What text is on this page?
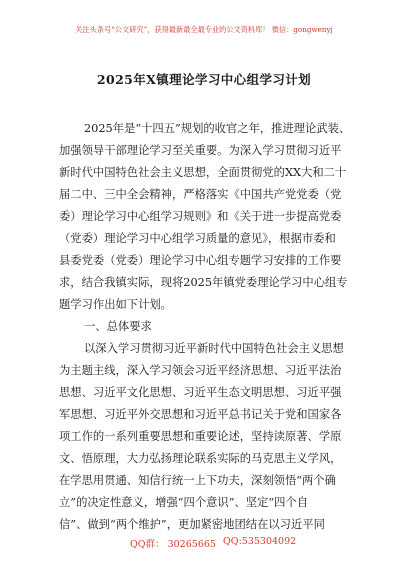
关注头条号“公文研究”，获得最新最全最专业的公文资料库！ 微信：gongwenyj
2025年X镇理论学习中心组学习计划
2025年是“十四五”规划的收官之年，推进理论武装、
加强领导干部理论学习至关重要。为深入学习贯彻习近平
新时代中国特色社会主义思想，全面贯彻党的XX大和二十
届二中、三中全会精神，严格落实《中国共产党党委（党
委）理论学习中心组学习规则》和《关于进一步提高党委
（党委）理论学习中心组学习质量的意见》，根据市委和
县委党委（党委）理论学习中心组专题学习安排的工作要
求，结合我镇实际，现将2025年镇党委理论学习中心组专
题学习作出如下计划。
一、总体要求
以深入学习贯彻习近平新时代中国特色社会主义思想
为主题主线，深入学习领会习近平经济思想、习近平法治
思想、习近平文化思想、习近平生态文明思想、习近平强
军思想、习近平外交思想和习近平总书记关于党和国家各
项工作的一系列重要思想和重要论述，坚持读原著、学原
文、悟原理，大力弘扬理论联系实际的马克思主义学风，
在学思用贯通、知信行统一上下功夫，深刻领悟“两个确
立”的决定性意义，增强“四个意识”、坚定“四个自
信”、做到“两个维护”，更加紧密地团结在以习近平同
QQ群： 30265665 QQ:535304092
